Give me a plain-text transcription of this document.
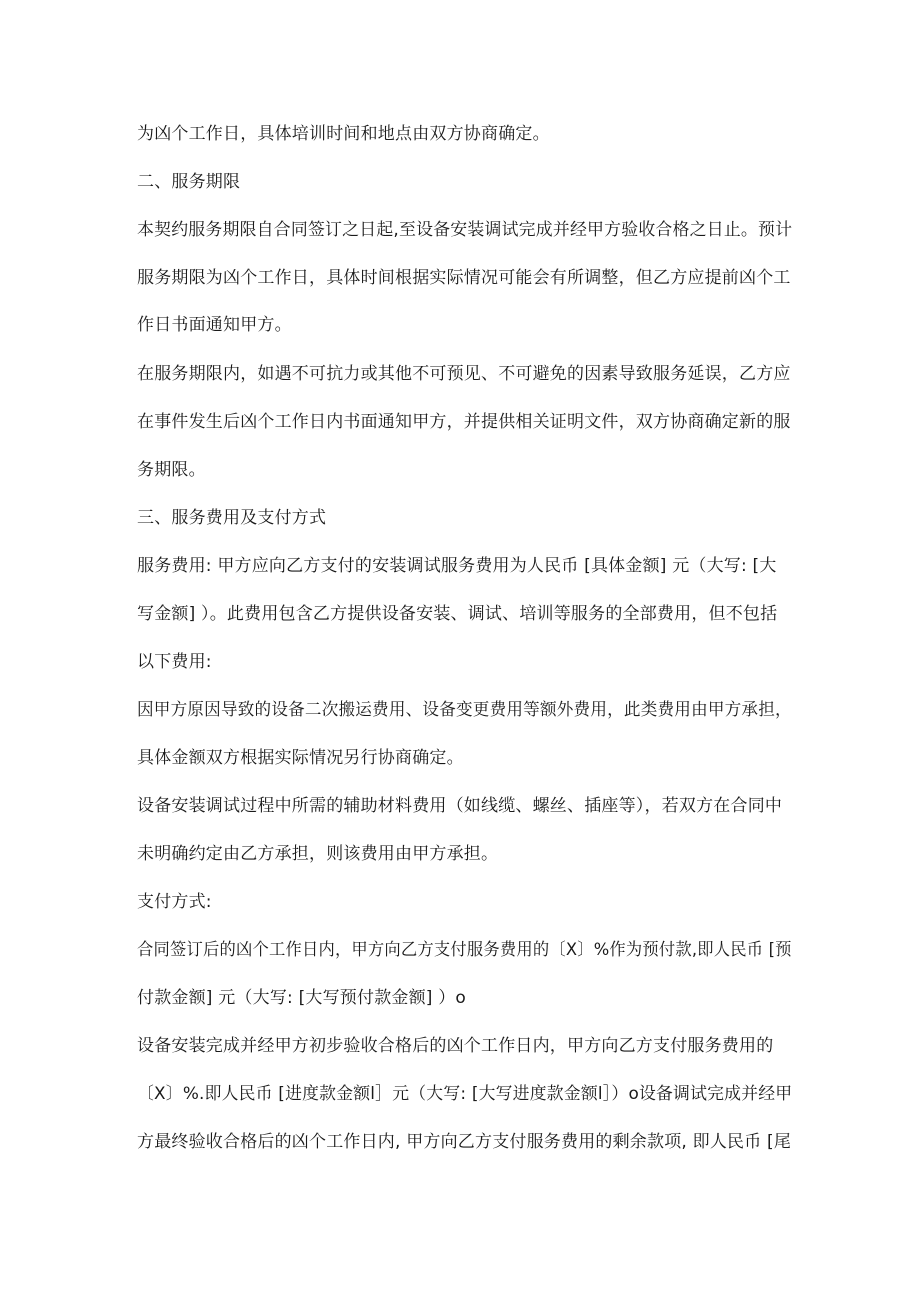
为凶个工作日，具体培训时间和地点由双方协商确定。
二、服务期限
本契约服务期限自合同签订之日起,至设备安装调试完成并经甲方验收合格之日止。预计
服务期限为凶个工作日，具体时间根据实际情况可能会有所调整，但乙方应提前凶个工
作日书面通知甲方。
在服务期限内，如遇不可抗力或其他不可预见、不可避免的因素导致服务延误，乙方应
在事件发生后凶个工作日内书面通知甲方，并提供相关证明文件，双方协商确定新的服
务期限。
三、服务费用及支付方式
服务费用: 甲方应向乙方支付的安装调试服务费用为人民币 [具体金额] 元（大写: [大
写金额] ）。此费用包含乙方提供设备安装、调试、培训等服务的全部费用，但不包括
以下费用:
因甲方原因导致的设备二次搬运费用、设备变更费用等额外费用，此类费用由甲方承担，
具体金额双方根据实际情况另行协商确定。
设备安装调试过程中所需的辅助材料费用（如线缆、螺丝、插座等），若双方在合同中
未明确约定由乙方承担，则该费用由甲方承担。
支付方式:
合同签订后的凶个工作日内，甲方向乙方支付服务费用的〔X〕%作为预付款,即人民币 [预
付款金额] 元（大写: [大写预付款金额] ）o
设备安装完成并经甲方初步验收合格后的凶个工作日内，甲方向乙方支付服务费用的
〔X〕%.即人民币 [进度款金额l］元（大写: [大写进度款金额l］）o设备调试完成并经甲
方最终验收合格后的凶个工作日内, 甲方向乙方支付服务费用的剩余款项, 即人民币 [尾
